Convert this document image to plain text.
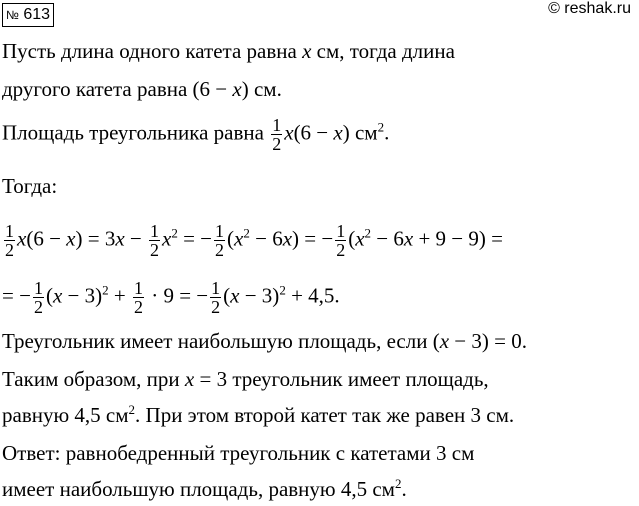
№ 613	© reshak.ru
Пусть длина одного катета равна x см, тогда длина
другого катета равна (6 − x) см.
Площадь треугольника равна $\frac{1}{2} x(6 - x)$ $см^2$.
Тогда:
$\frac{1}{2} x(6 - x) = 3x - \frac{1}{2} x^2$ = − $\frac{1}{2} (x^2 - 6x)$ = − $\frac{1}{2} (x^2 - 6x + 9 - 9)$ =
= − $\frac{1}{2} (x - 3)^2 + \frac{1}{2} \cdot 9$ = − $\frac{1}{2} (x - 3)^2 + 4,5$.
Треугольник имеет наибольшую площадь, если (x − 3) = 0.
Таким образом, при x = 3 треугольник имеет площадь,
равную 4,5 $см^2$. При этом второй катет так же равен 3 см.
Ответ: равнобедренный треугольник с катетами 3 см
имеет наибольшую площадь, равную 4,5 $см^2$.
